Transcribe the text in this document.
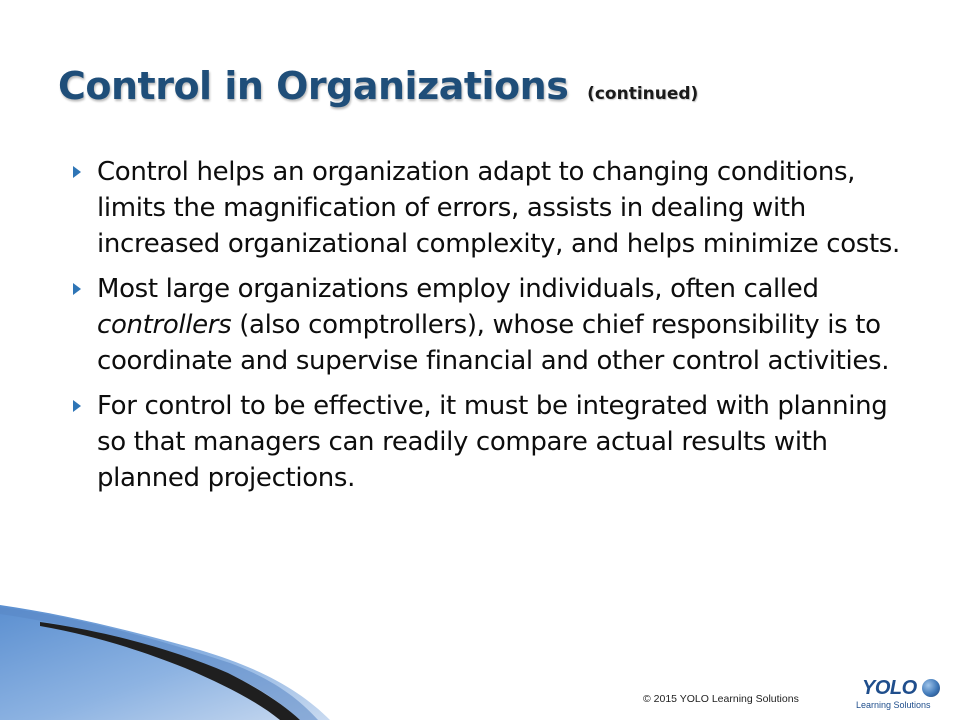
Control in Organizations (continued)
Control helps an organization adapt to changing conditions, limits the magnification of errors, assists in dealing with increased organizational complexity, and helps minimize costs.
Most large organizations employ individuals, often called controllers (also comptrollers), whose chief responsibility is to coordinate and supervise financial and other control activities.
For control to be effective, it must be integrated with planning so that managers can readily compare actual results with planned projections.
© 2015 YOLO Learning Solutions	YOLO
Learning Solutions
